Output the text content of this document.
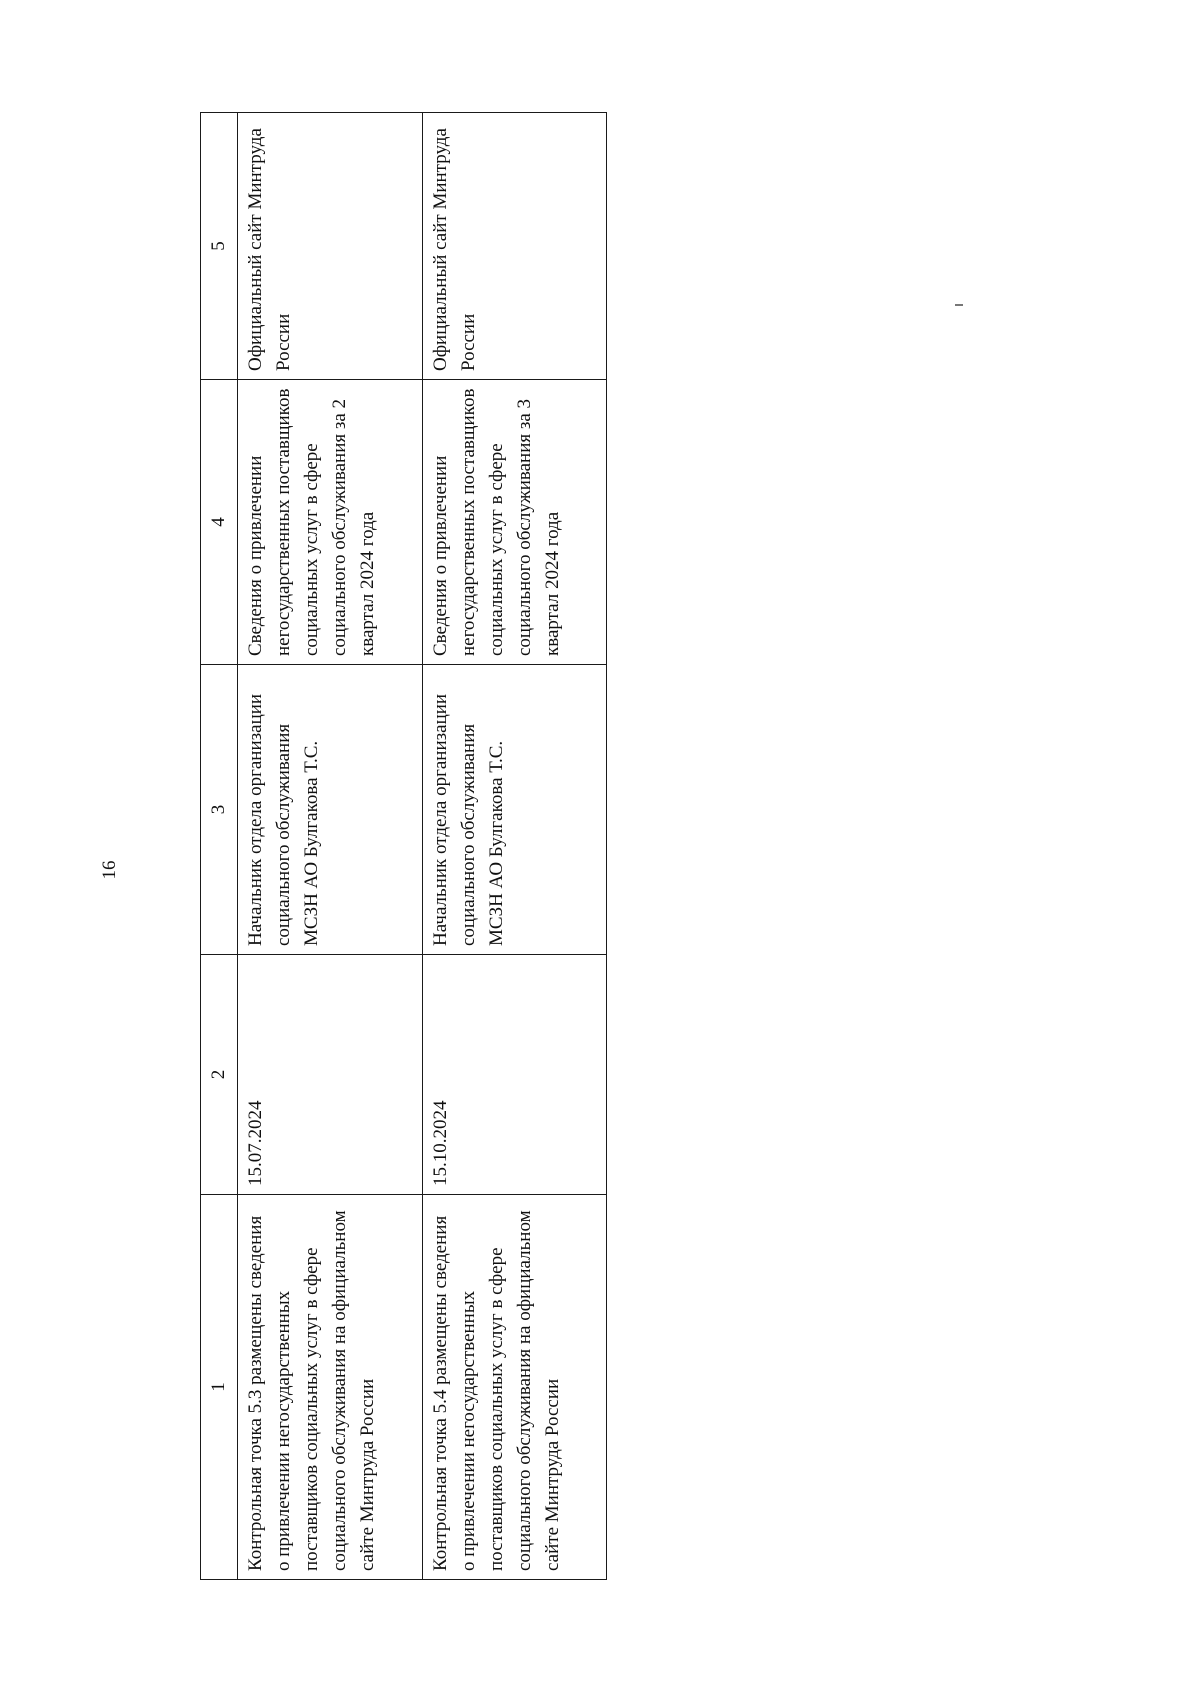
16
1	2	3	4	5
Контрольная точка 5.3 размещены сведения о привлечении негосударственных поставщиков социальных услуг в сфере социального обслуживания на официальном сайте Минтруда России	15.07.2024	Начальник отдела организации социального обслуживания МСЗН АО Булгакова Т.С.	Сведения о привлечении негосударственных поставщиков социальных услуг в сфере социального обслуживания за 2 квартал 2024 года	Официальный сайт Минтруда России
Контрольная точка 5.4 размещены сведения о привлечении негосударственных поставщиков социальных услуг в сфере социального обслуживания на официальном сайте Минтруда России	15.10.2024	Начальник отдела организации социального обслуживания МСЗН АО Булгакова Т.С.	Сведения о привлечении негосударственных поставщиков социальных услуг в сфере социального обслуживания за 3 квартал 2024 года	Официальный сайт Минтруда России
